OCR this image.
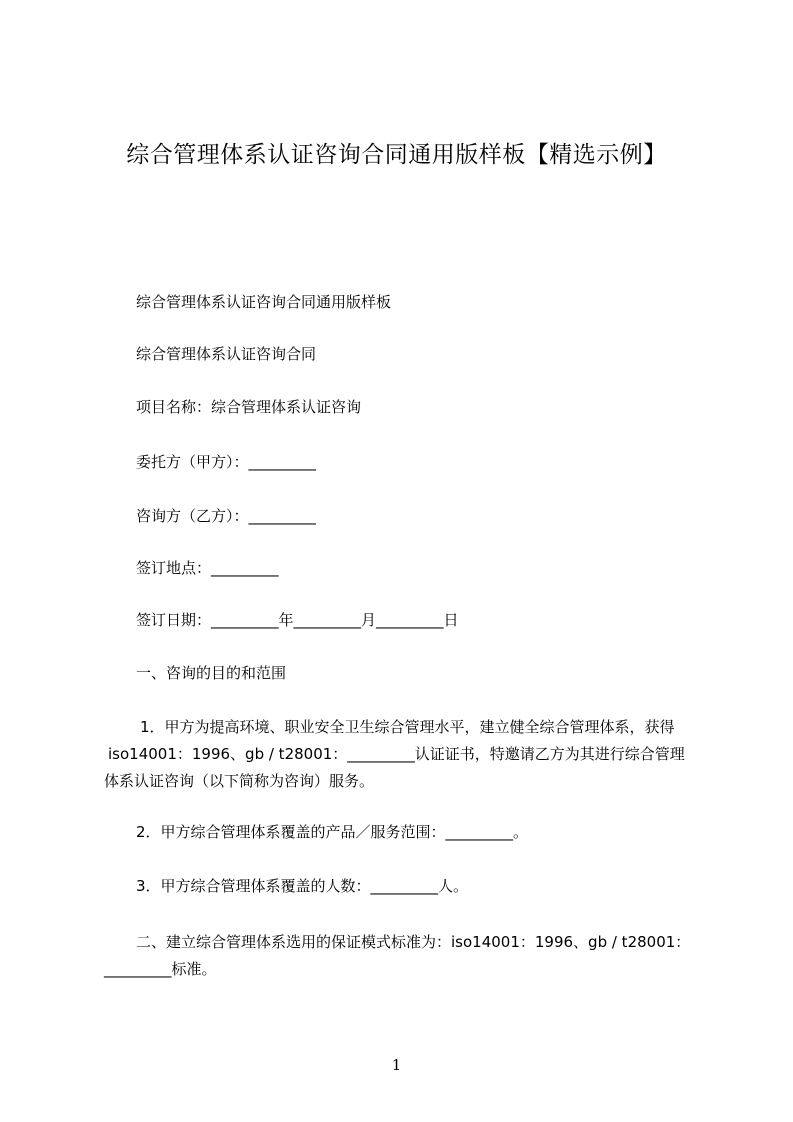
综合管理体系认证咨询合同通用版样板【精选示例】
综合管理体系认证咨询合同通用版样板
综合管理体系认证咨询合同
项目名称：综合管理体系认证咨询
委托方（甲方）：_________
咨询方（乙方）：_________
签订地点：_________
签订日期：_________年_________月_________日
一、咨询的目的和范围
1．甲方为提高环境、职业安全卫生综合管理水平，建立健全综合管理体系，获得
iso14001：1996、gb / t28001：_________认证证书，特邀请乙方为其进行综合管理
体系认证咨询（以下简称为咨询）服务。
2．甲方综合管理体系覆盖的产品／服务范围：_________。
3．甲方综合管理体系覆盖的人数：_________人。
二、建立综合管理体系选用的保证模式标准为：iso14001：1996、gb / t28001：
_________标准。
1
